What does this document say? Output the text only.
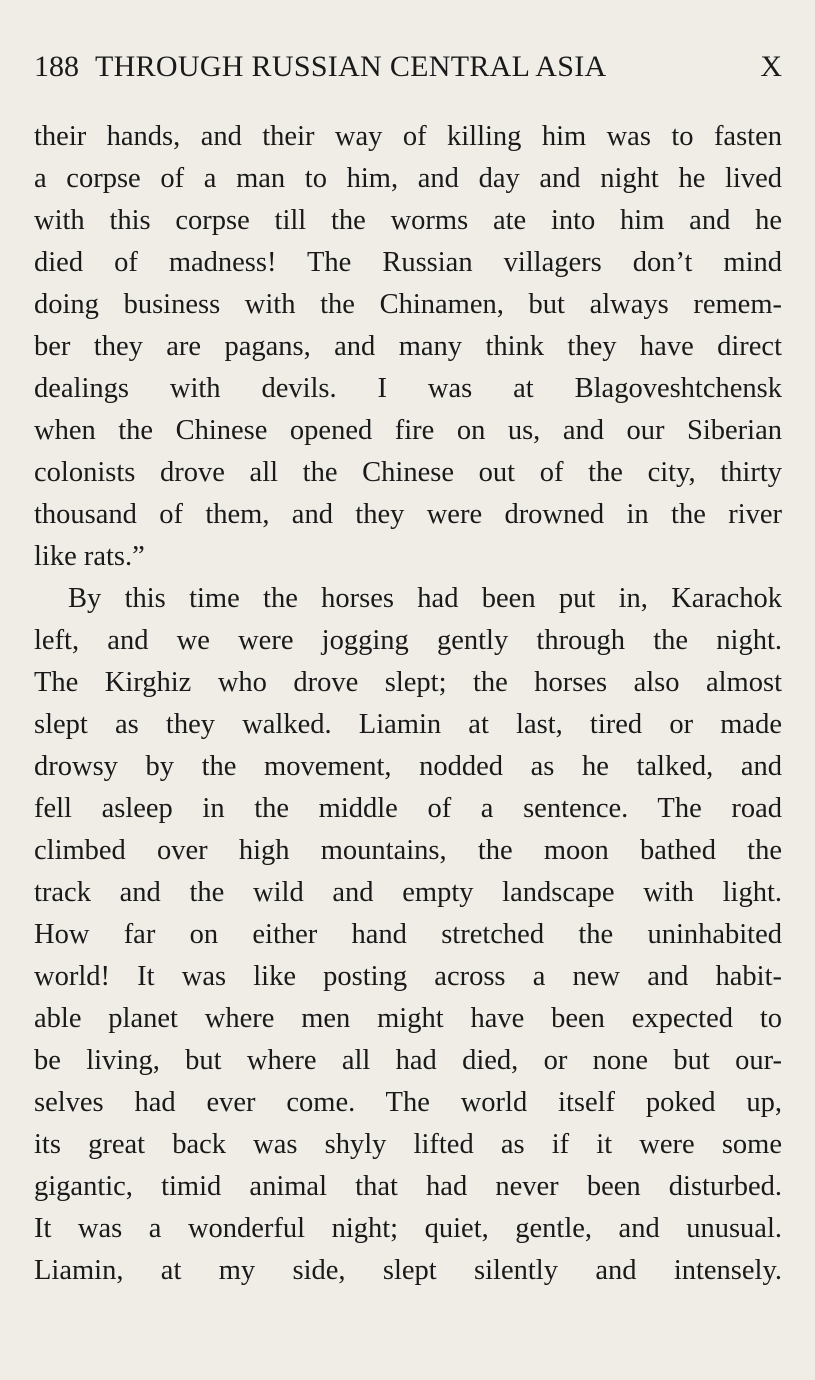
188 THROUGH RUSSIAN CENTRAL ASIA	X
their hands, and their way of killing him was to fasten
a corpse of a man to him, and day and night he lived
with this corpse till the worms ate into him and he
died of madness! The Russian villagers don’t mind
doing business with the Chinamen, but always remem-
ber they are pagans, and many think they have direct
dealings with devils. I was at Blagoveshtchensk
when the Chinese opened fire on us, and our Siberian
colonists drove all the Chinese out of the city, thirty
thousand of them, and they were drowned in the river
like rats.”
By this time the horses had been put in, Karachok
left, and we were jogging gently through the night.
The Kirghiz who drove slept; the horses also almost
slept as they walked. Liamin at last, tired or made
drowsy by the movement, nodded as he talked, and
fell asleep in the middle of a sentence. The road
climbed over high mountains, the moon bathed the
track and the wild and empty landscape with light.
How far on either hand stretched the uninhabited
world! It was like posting across a new and habit-
able planet where men might have been expected to
be living, but where all had died, or none but our-
selves had ever come. The world itself poked up,
its great back was shyly lifted as if it were some
gigantic, timid animal that had never been disturbed.
It was a wonderful night; quiet, gentle, and unusual.
Liamin, at my side, slept silently and intensely.
